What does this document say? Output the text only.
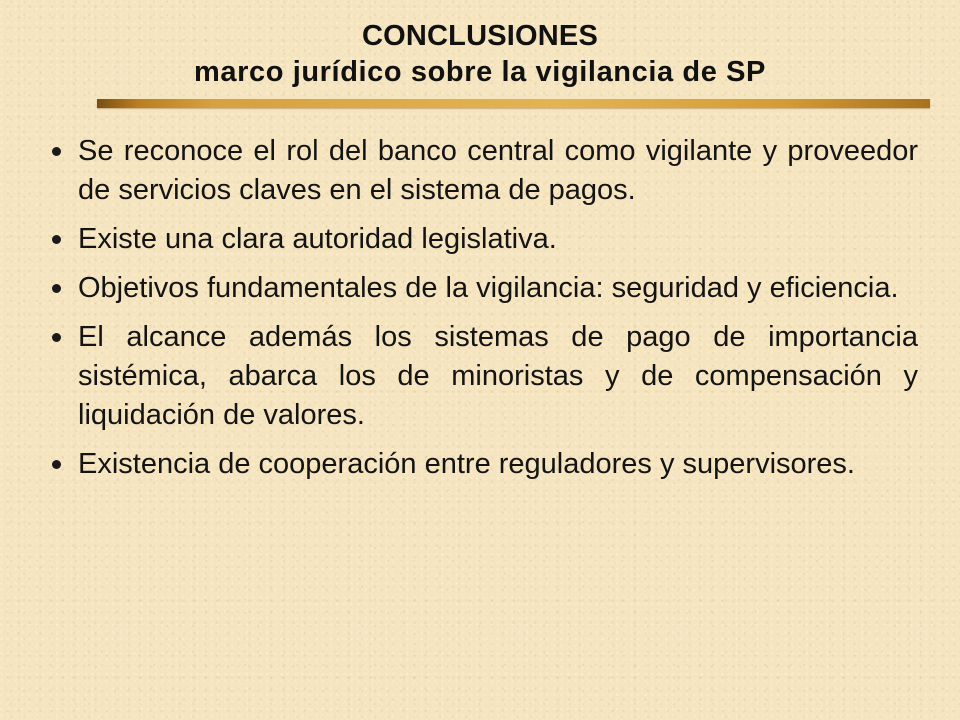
CONCLUSIONES
marco jurídico sobre la vigilancia de SP
Se reconoce el rol del banco central como vigilante y proveedor de servicios claves en el sistema de pagos.
Existe una clara autoridad legislativa.
Objetivos fundamentales de la vigilancia: seguridad y eficiencia.
El alcance además los sistemas de pago de importancia sistémica, abarca los de minoristas y de compensación y liquidación de valores.
Existencia de cooperación entre reguladores y supervisores.
